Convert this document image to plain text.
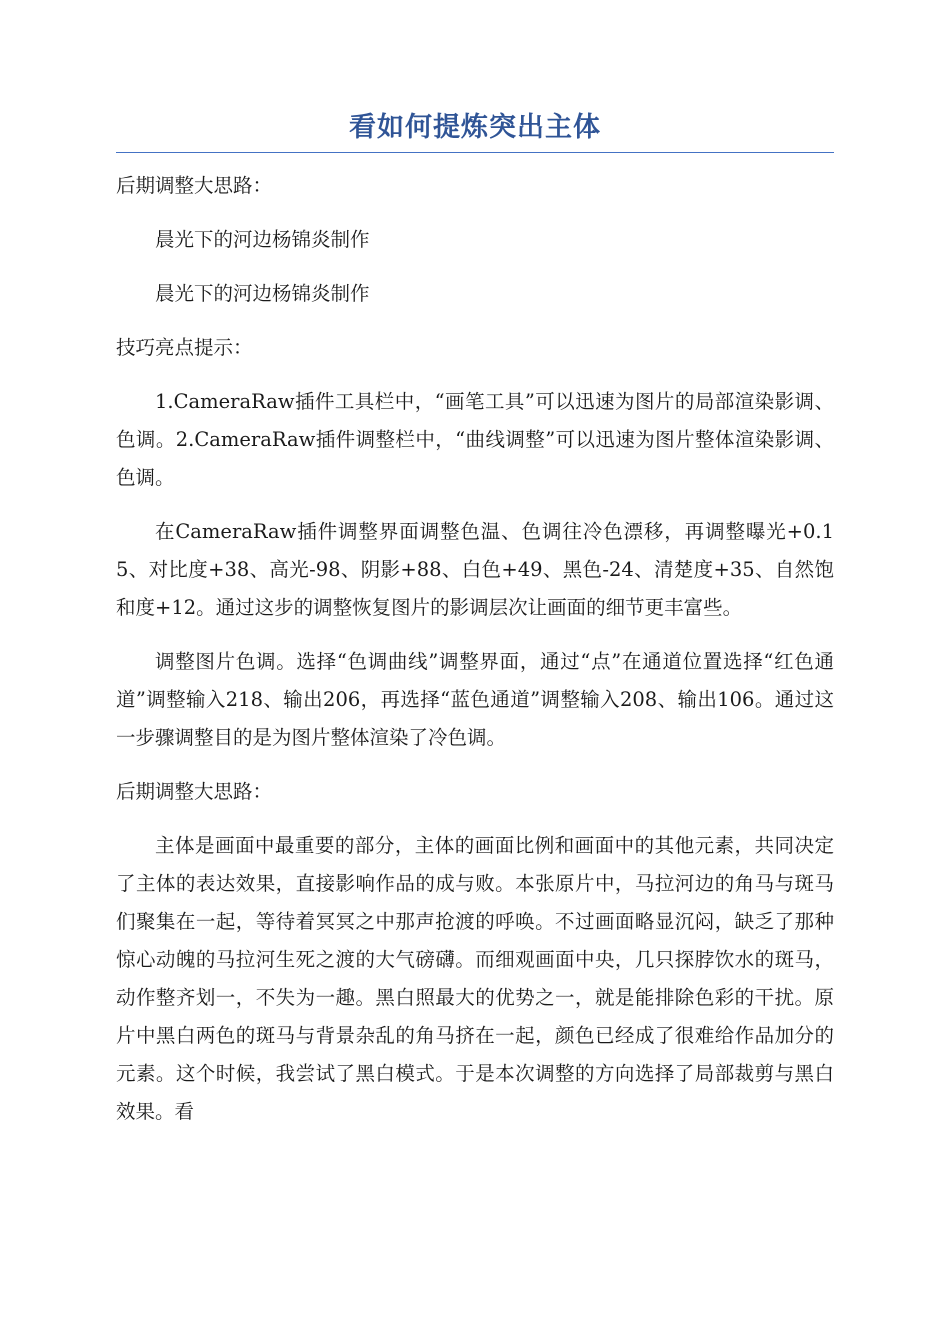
看如何提炼突出主体

后期调整大思路：

晨光下的河边杨锦炎制作

晨光下的河边杨锦炎制作

技巧亮点提示：

1.CameraRaw插件工具栏中，“画笔工具”可以迅速为图片的局部渲染影调、色调。2.CameraRaw插件调整栏中，“曲线调整”可以迅速为图片整体渲染影调、色调。

在CameraRaw插件调整界面调整色温、色调往冷色漂移，再调整曝光+0.15、对比度+38、高光-98、阴影+88、白色+49、黑色-24、清楚度+35、自然饱和度+12。通过这步的调整恢复图片的影调层次让画面的细节更丰富些。

调整图片色调。选择“色调曲线”调整界面，通过“点”在通道位置选择“红色通道”调整输入218、输出206，再选择“蓝色通道”调整输入208、输出106。通过这一步骤调整目的是为图片整体渲染了冷色调。

后期调整大思路：

主体是画面中最重要的部分，主体的画面比例和画面中的其他元素，共同决定了主体的表达效果，直接影响作品的成与败。本张原片中，马拉河边的角马与斑马们聚集在一起，等待着冥冥之中那声抢渡的呼唤。不过画面略显沉闷，缺乏了那种惊心动魄的马拉河生死之渡的大气磅礴。而细观画面中央，几只探脖饮水的斑马，动作整齐划一，不失为一趣。黑白照最大的优势之一，就是能排除色彩的干扰。原片中黑白两色的斑马与背景杂乱的角马挤在一起，颜色已经成了很难给作品加分的元素。这个时候，我尝试了黑白模式。于是本次调整的方向选择了局部裁剪与黑白效果。看
